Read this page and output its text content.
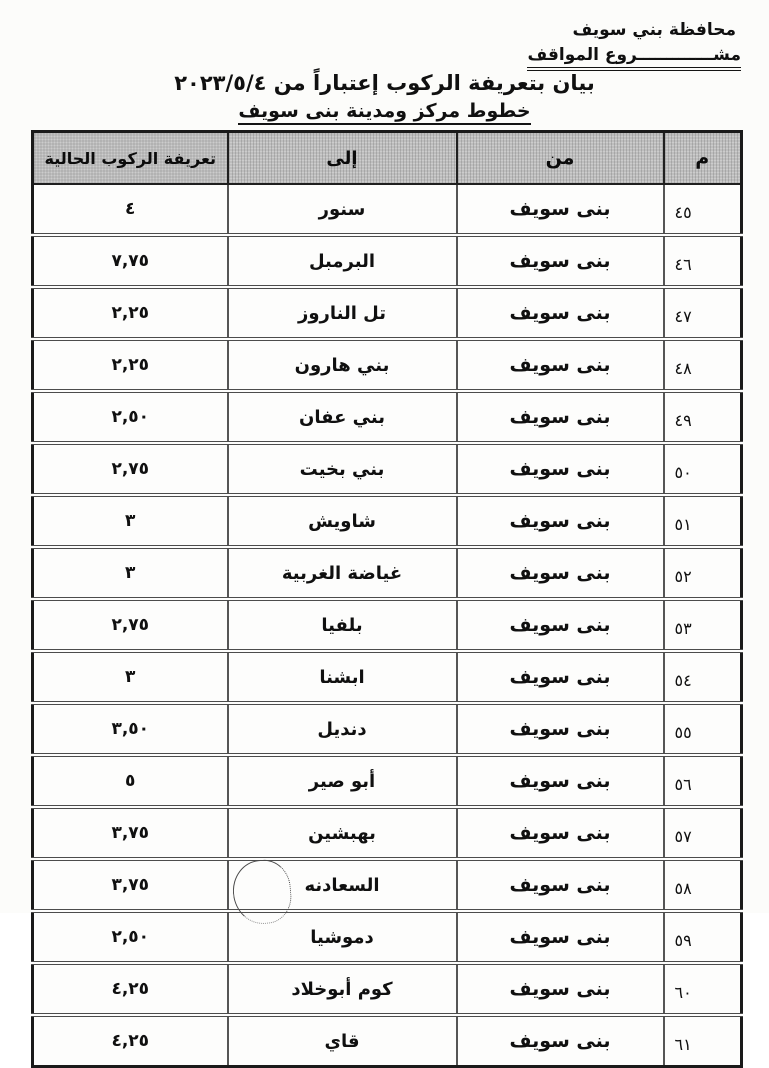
محافظة بني سويف
مشـــــــــــــروع المواقف
بيان بتعريفة الركوب إعتباراً من ٢٠٢٣/٥/٤
خطوط مركز ومدينة بنى سويف
م	من	إلى	تعريفة الركوب الحالية
٤٥	بنى سويف	سنور	٤
٤٦	بنى سويف	البرمبل	٧,٧٥
٤٧	بنى سويف	تل الناروز	٢,٢٥
٤٨	بنى سويف	بني هارون	٢,٢٥
٤٩	بنى سويف	بني عفان	٢,٥٠
٥٠	بنى سويف	بني بخيت	٢,٧٥
٥١	بنى سويف	شاويش	٣
٥٢	بنى سويف	غياضة الغربية	٣
٥٣	بنى سويف	بلفيا	٢,٧٥
٥٤	بنى سويف	ابشنا	٣
٥٥	بنى سويف	دنديل	٣,٥٠
٥٦	بنى سويف	أبو صير	٥
٥٧	بنى سويف	بهبشين	٣,٧٥
٥٨	بنى سويف	السعادنه	٣,٧٥
٥٩	بنى سويف	دموشيا	٢,٥٠
٦٠	بنى سويف	كوم أبوخلاد	٤,٢٥
٦١	بنى سويف	قاي	٤,٢٥
